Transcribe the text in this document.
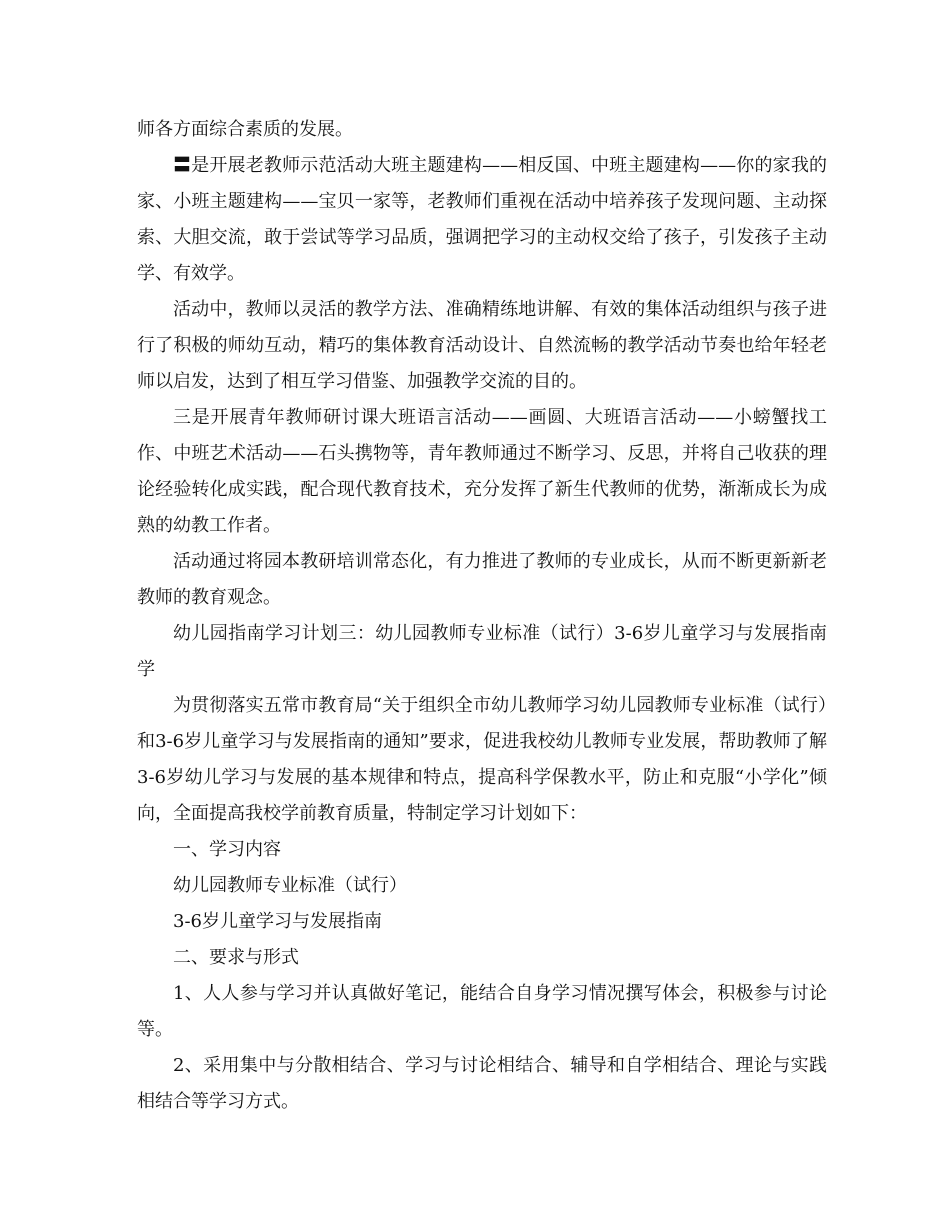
师各方面综合素质的发展。

〓是开展老教师示范活动大班主题建构——相反国、中班主题建构——你的家我的家、小班主题建构——宝贝一家等，老教师们重视在活动中培养孩子发现问题、主动探索、大胆交流，敢于尝试等学习品质，强调把学习的主动权交给了孩子，引发孩子主动学、有效学。

活动中，教师以灵活的教学方法、准确精练地讲解、有效的集体活动组织与孩子进行了积极的师幼互动，精巧的集体教育活动设计、自然流畅的教学活动节奏也给年轻老师以启发，达到了相互学习借鉴、加强教学交流的目的。

三是开展青年教师研讨课大班语言活动——画圆、大班语言活动——小螃蟹找工作、中班艺术活动——石头携物等，青年教师通过不断学习、反思，并将自己收获的理论经验转化成实践，配合现代教育技术，充分发挥了新生代教师的优势，渐渐成长为成熟的幼教工作者。

活动通过将园本教研培训常态化，有力推进了教师的专业成长，从而不断更新新老教师的教育观念。

幼儿园指南学习计划三：幼儿园教师专业标准（试行）3-6岁儿童学习与发展指南学

为贯彻落实五常市教育局“关于组织全市幼儿教师学习幼儿园教师专业标准（试行）和3-6岁儿童学习与发展指南的通知”要求，促进我校幼儿教师专业发展，帮助教师了解3-6岁幼儿学习与发展的基本规律和特点，提高科学保教水平，防止和克服“小学化”倾向，全面提高我校学前教育质量，特制定学习计划如下：

一、学习内容

幼儿园教师专业标准（试行）

3-6岁儿童学习与发展指南

二、要求与形式

1、人人参与学习并认真做好笔记，能结合自身学习情况撰写体会，积极参与讨论等。

2、采用集中与分散相结合、学习与讨论相结合、辅导和自学相结合、理论与实践相结合等学习方式。
